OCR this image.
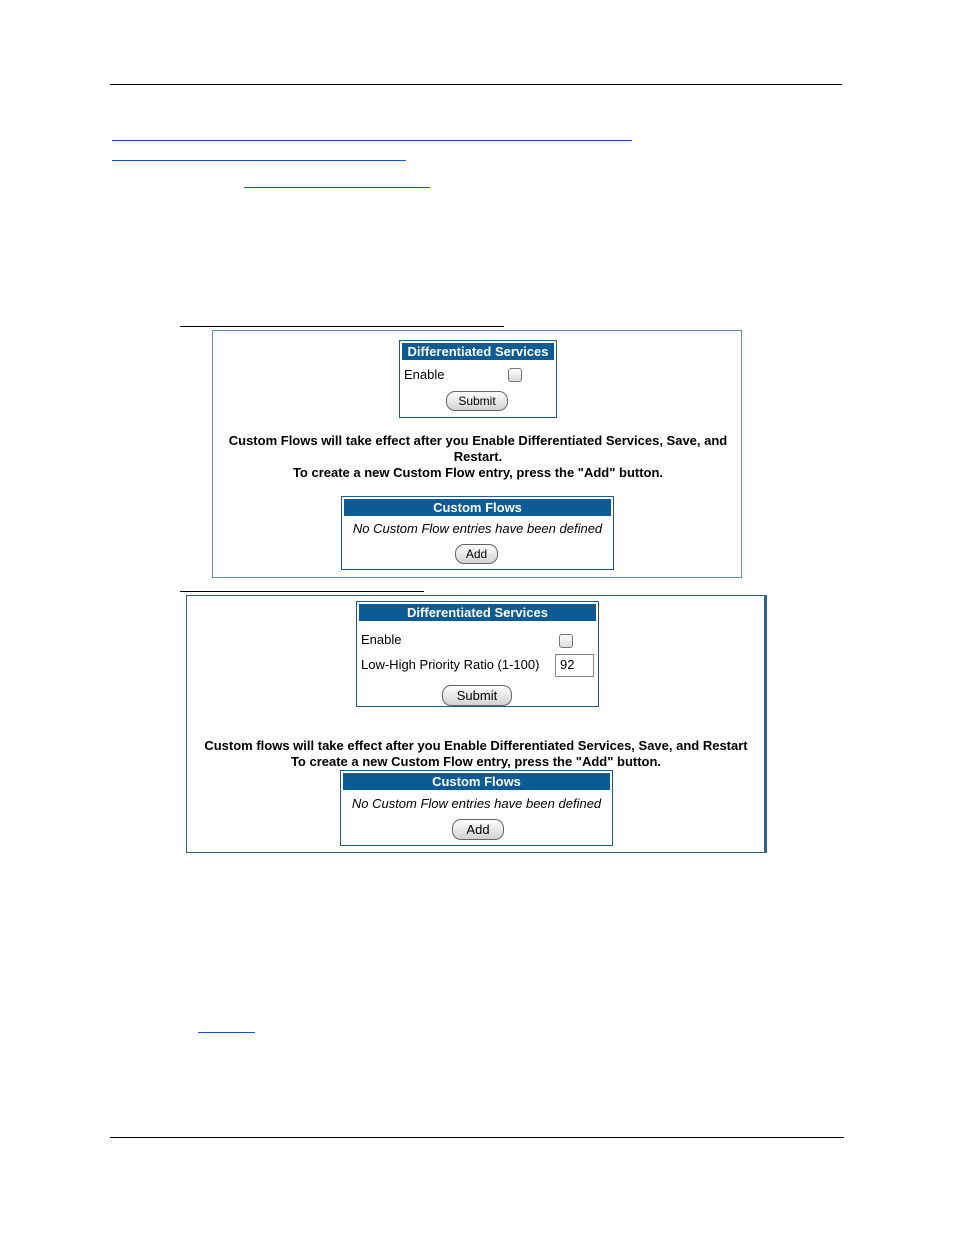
Differentiated Services
Enable
Submit
Custom Flows will take effect after you Enable Differentiated Services, Save, and
Restart.
To create a new Custom Flow entry, press the "Add" button.
Custom Flows
No Custom Flow entries have been defined
Add
Differentiated Services
Enable
Low-High Priority Ratio (1-100)	92
Submit
Custom flows will take effect after you Enable Differentiated Services, Save, and Restart
To create a new Custom Flow entry, press the "Add" button.
Custom Flows
No Custom Flow entries have been defined
Add
